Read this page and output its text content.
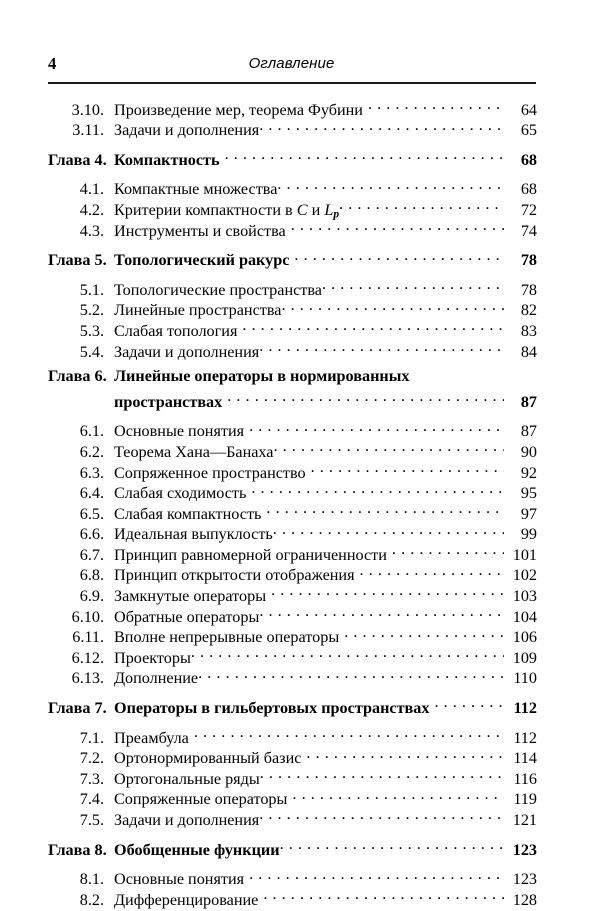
4	Оглавление
3.10. Произведение мер, теорема Фубини .....	64
3.11. Задачи и дополнения .....	65
Глава 4. Компактность .....	68
4.1. Компактные множества .....	68
4.2. Критерии компактности в C и Lp .....	72
4.3. Инструменты и свойства .....	74
Глава 5. Топологический ракурс .....	78
5.1. Топологические пространства .....	78
5.2. Линейные пространства .....	82
5.3. Слабая топология .....	83
5.4. Задачи и дополнения .....	84
Глава 6. Линейные операторы в нормированных
пространствах .....	87
6.1. Основные понятия .....	87
6.2. Теорема Хана—Банаха .....	90
6.3. Сопряженное пространство .....	92
6.4. Слабая сходимость .....	95
6.5. Слабая компактность .....	97
6.6. Идеальная выпуклость .....	99
6.7. Принцип равномерной ограниченности .....	101
6.8. Принцип открытости отображения .....	102
6.9. Замкнутые операторы .....	103
6.10. Обратные операторы .....	104
6.11. Вполне непрерывные операторы .....	106
6.12. Проекторы .....	109
6.13. Дополнение .....	110
Глава 7. Операторы в гильбертовых пространствах .....	112
7.1. Преамбула .....	112
7.2. Ортонормированный базис .....	114
7.3. Ортогональные ряды .....	116
7.4. Сопряженные операторы .....	119
7.5. Задачи и дополнения .....	121
Глава 8. Обобщенные функции .....	123
8.1. Основные понятия .....	123
8.2. Дифференцирование .....	128
